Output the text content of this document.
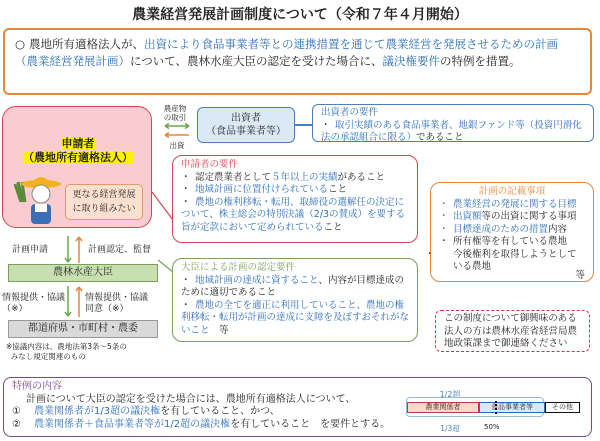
農業経営発展計画制度について（令和７年４月開始）
○ 農地所有適格法人が、出資により食品事業者等との連携措置を通じて農業経営を発展させるための計画（農業経営発展計画）について、農林水産大臣の認定を受けた場合に、議決権要件の特例を措置。
申請者
（農地所有適格法人）
更なる経営発展
に取り組みたい
農産物
の取引
出資
出資者
（食品事業者等）
出資者の要件
・ 取引実績のある食品事業者、地銀ファンド等（投資円滑化法の承認組合に限る）であること
申請者の要件
・ 認定農業者として５年以上の実績があること
・ 地域計画に位置付けられていること
・ 農地の権利移転・転用、取締役の選解任の決定について、株主総会の特別決議（2/3の賛成）を要する旨が定款において定められていること
計画の記載事項
・ 農業経営の発展に関する目標
・ 出資額等の出資に関する事項
・ 目標達成のための措置内容
・ 所有権等を有している農地
・ 今後権利を取得しようとしている農地
等
計画申請	計画認定、監督
農林水産大臣
情報提供・協議
（※）
情報提供・協議
同意（※）
都道府県・市町村・農委
※協議内容は、農地法第3条～5条の
みなし規定関連のもの
大臣による計画の認定要件
・ 地域計画の達成に資すること、内容が目標達成のために適切であること
・ 農地の全てを適正に利用していること、農地の権利移転・転用が計画の達成に支障を及ぼすおそれがないこと　等
この制度について御興味のある法人の方は農林水産省経営局農地政策課まで御連絡ください
特例の内容
計画について大臣の認定を受けた場合には、農地所有適格法人について、
① 農業関係者が1/3超の議決権を有していること、かつ、
② 農業関係者＋食品事業者等が1/2超の議決権を有していること　を要件とする。
1/2超
農業関係者	食品事業者等	その他
1/3超	50%
